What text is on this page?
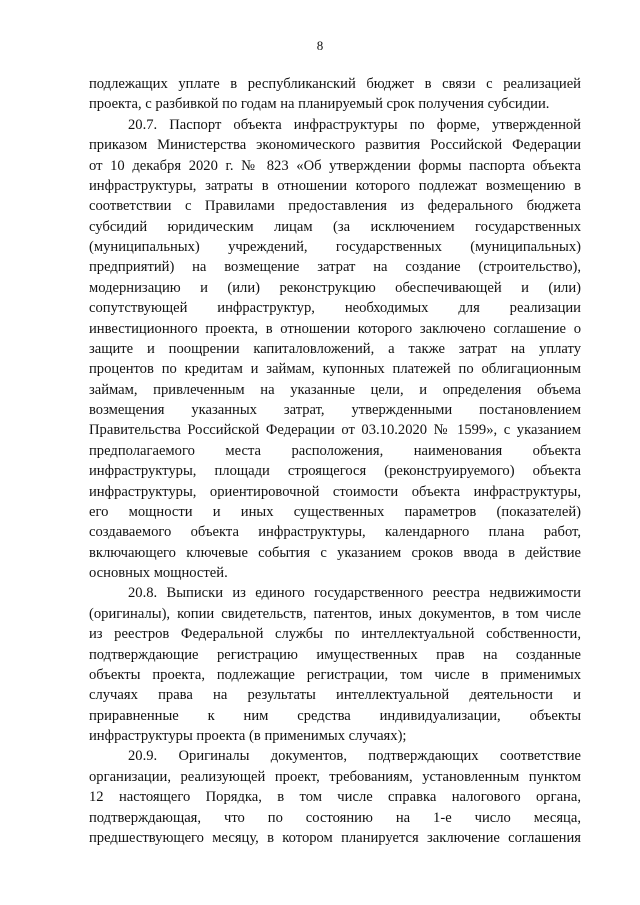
8
подлежащих уплате в республиканский бюджет в связи с реализацией
проекта, с разбивкой по годам на планируемый срок получения субсидии.
20.7. Паспорт объекта инфраструктуры по форме, утвержденной
приказом Министерства экономического развития Российской Федерации
от 10 декабря 2020 г. № 823 «Об утверждении формы паспорта объекта
инфраструктуры, затраты в отношении которого подлежат возмещению в
соответствии с Правилами предоставления из федерального бюджета
субсидий юридическим лицам (за исключением государственных
(муниципальных) учреждений, государственных (муниципальных)
предприятий) на возмещение затрат на создание (строительство),
модернизацию и (или) реконструкцию обеспечивающей и (или)
сопутствующей инфраструктур, необходимых для реализации
инвестиционного проекта, в отношении которого заключено соглашение о
защите и поощрении капиталовложений, а также затрат на уплату
процентов по кредитам и займам, купонных платежей по облигационным
займам, привлеченным на указанные цели, и определения объема
возмещения указанных затрат, утвержденными постановлением
Правительства Российской Федерации от 03.10.2020 № 1599», с указанием
предполагаемого места расположения, наименования объекта
инфраструктуры, площади строящегося (реконструируемого) объекта
инфраструктуры, ориентировочной стоимости объекта инфраструктуры,
его мощности и иных существенных параметров (показателей)
создаваемого объекта инфраструктуры, календарного плана работ,
включающего ключевые события с указанием сроков ввода в действие
основных мощностей.
20.8. Выписки из единого государственного реестра недвижимости
(оригиналы), копии свидетельств, патентов, иных документов, в том числе
из реестров Федеральной службы по интеллектуальной собственности,
подтверждающие регистрацию имущественных прав на созданные
объекты проекта, подлежащие регистрации, том числе в применимых
случаях права на результаты интеллектуальной деятельности и
приравненные к ним средства индивидуализации, объекты
инфраструктуры проекта (в применимых случаях);
20.9. Оригиналы документов, подтверждающих соответствие
организации, реализующей проект, требованиям, установленным пунктом
12 настоящего Порядка, в том числе справка налогового органа,
подтверждающая, что по состоянию на 1-е число месяца,
предшествующего месяцу, в котором планируется заключение соглашения
